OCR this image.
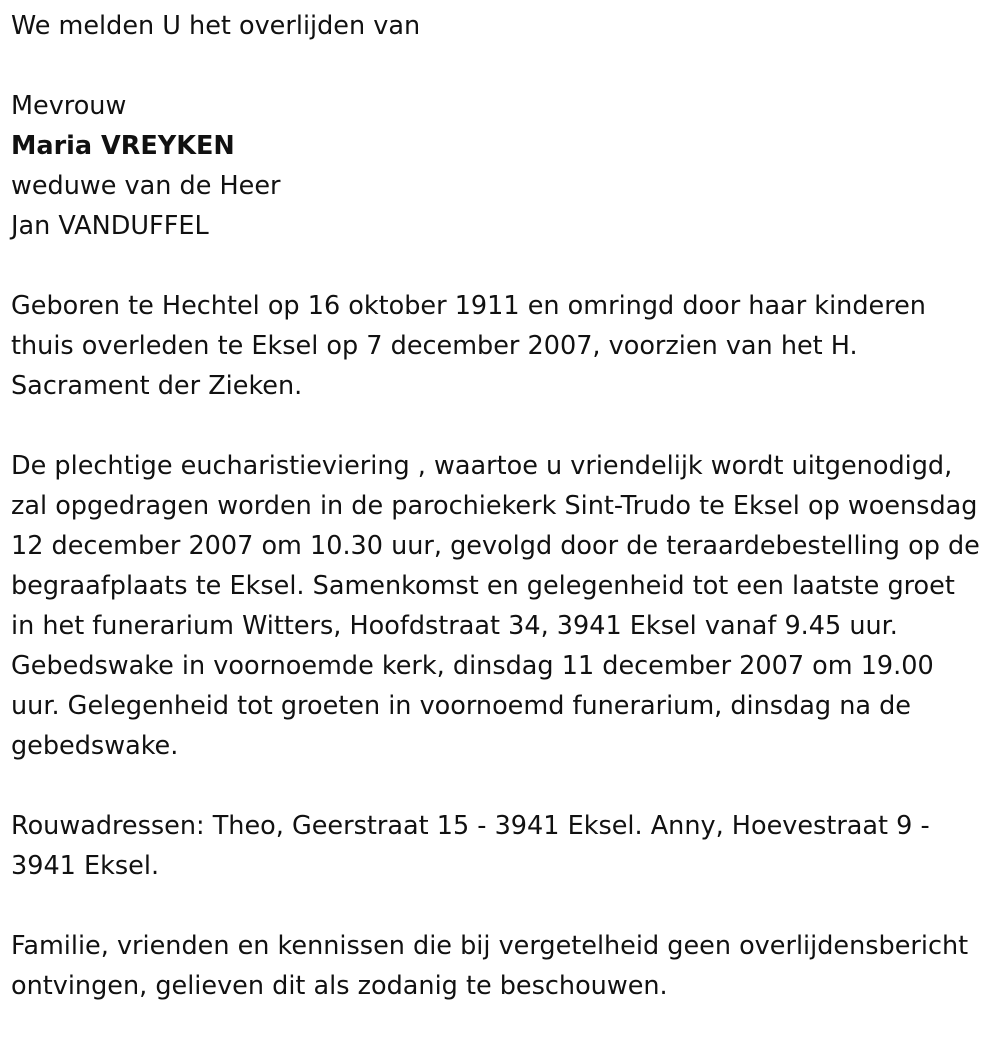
We melden U het overlijden van

Mevrouw

Maria VREYKEN

weduwe van de Heer

Jan VANDUFFEL

Geboren te Hechtel op 16 oktober 1911 en omringd door haar kinderen thuis overleden te Eksel op 7 december 2007, voorzien van het H. Sacrament der Zieken.

De plechtige eucharistieviering , waartoe u vriendelijk wordt uitgenodigd, zal opgedragen worden in de parochiekerk Sint-Trudo te Eksel op woensdag 12 december 2007 om 10.30 uur, gevolgd door de teraardebestelling op de begraafplaats te Eksel. Samenkomst en gelegenheid tot een laatste groet in het funerarium Witters, Hoofdstraat 34, 3941 Eksel vanaf 9.45 uur. Gebedswake in voornoemde kerk, dinsdag 11 december 2007 om 19.00 uur. Gelegenheid tot groeten in voornoemd funerarium, dinsdag na de gebedswake.

Rouwadressen: Theo, Geerstraat 15 - 3941 Eksel. Anny, Hoevestraat 9 - 3941 Eksel.

Familie, vrienden en kennissen die bij vergetelheid geen overlijdensbericht ontvingen, gelieven dit als zodanig te beschouwen.
